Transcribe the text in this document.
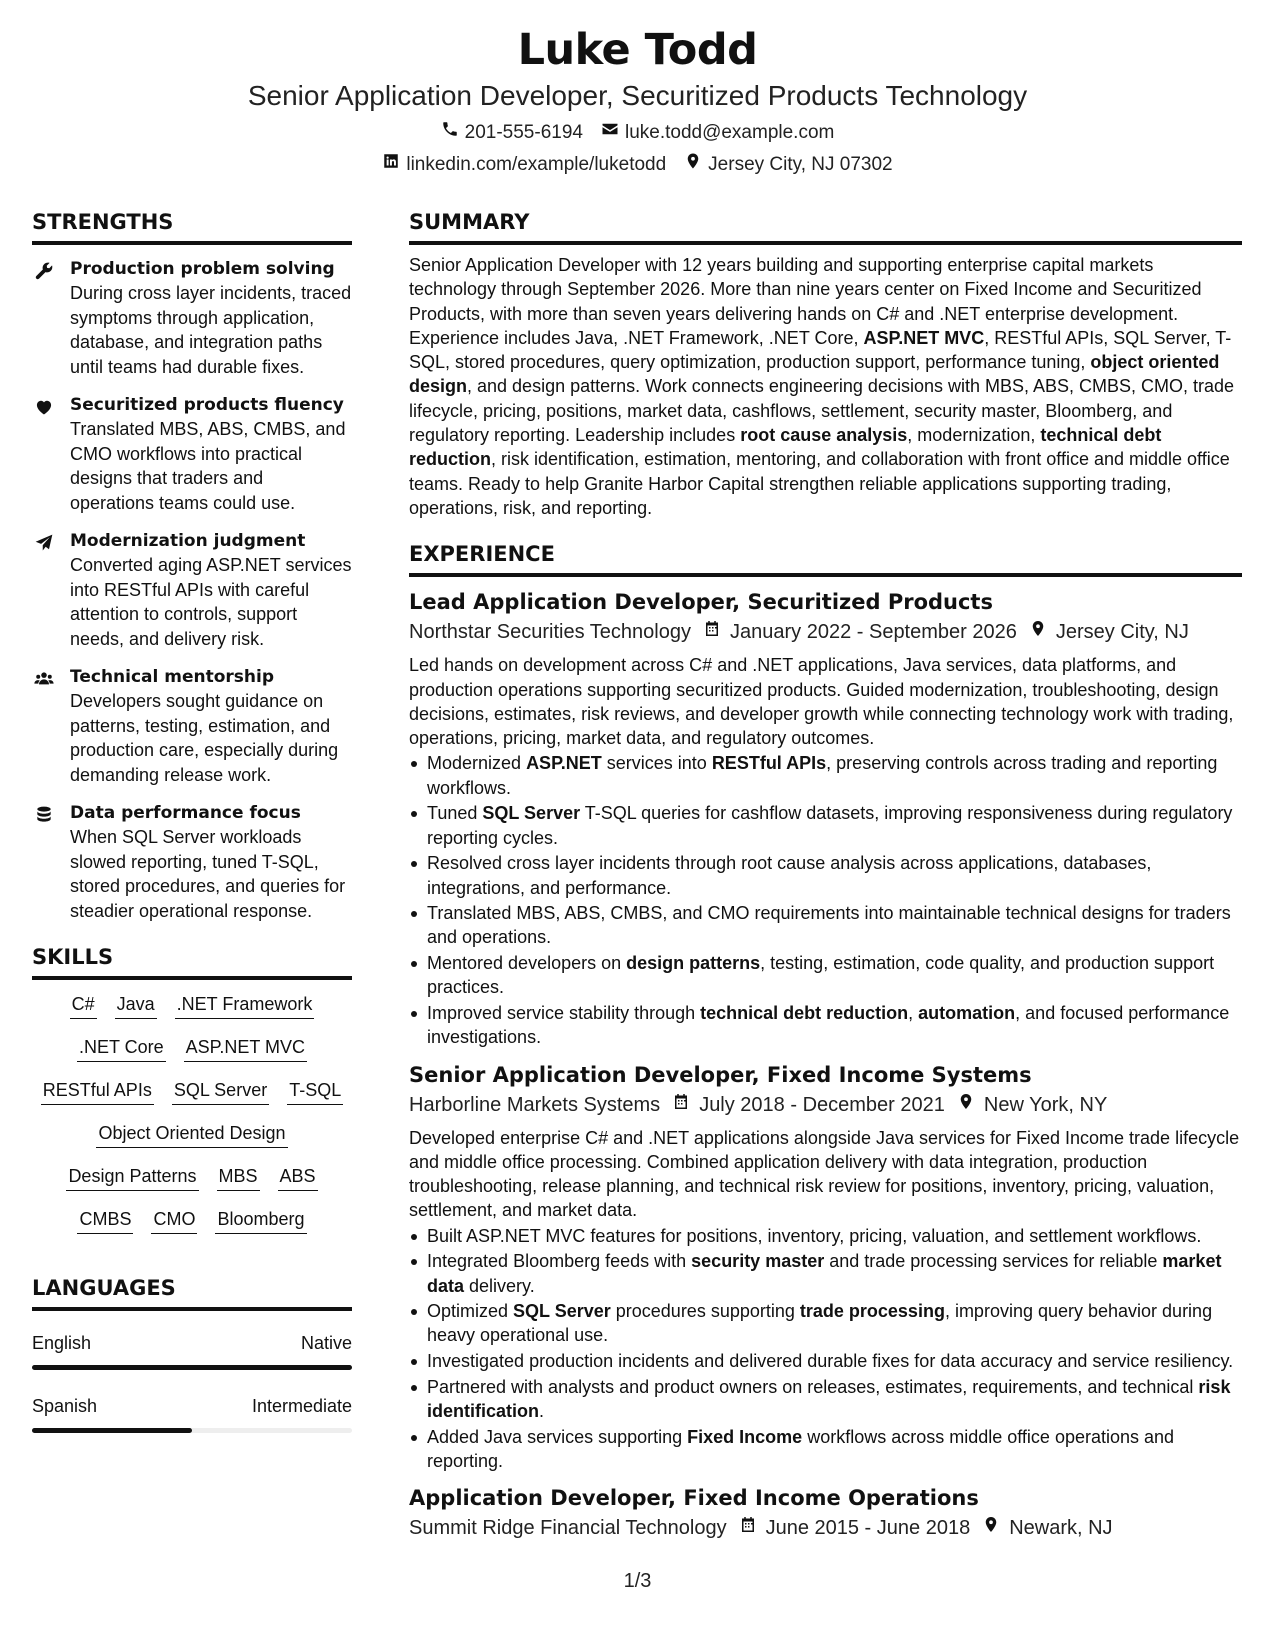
Luke Todd
Senior Application Developer, Securitized Products Technology
201-555-6194 luke.todd@example.com
linkedin.com/example/luketodd Jersey City, NJ 07302
STRENGTHS
Production problem solving
During cross layer incidents, traced symptoms through application, database, and integration paths until teams had durable fixes.
Securitized products fluency
Translated MBS, ABS, CMBS, and CMO workflows into practical designs that traders and operations teams could use.
Modernization judgment
Converted aging ASP.NET services into RESTful APIs with careful attention to controls, support needs, and delivery risk.
Technical mentorship
Developers sought guidance on patterns, testing, estimation, and production care, especially during demanding release work.
Data performance focus
When SQL Server workloads slowed reporting, tuned T-SQL, stored procedures, and queries for steadier operational response.
SKILLS
C# Java .NET Framework
.NET Core ASP.NET MVC
RESTful APIs SQL Server T-SQL
Object Oriented Design
Design Patterns MBS ABS
CMBS CMO Bloomberg
LANGUAGES
English	Native
Spanish	Intermediate
SUMMARY
Senior Application Developer with 12 years building and supporting enterprise capital markets technology through September 2026. More than nine years center on Fixed Income and Securitized Products, with more than seven years delivering hands on C# and .NET enterprise development. Experience includes Java, .NET Framework, .NET Core, ASP.NET MVC, RESTful APIs, SQL Server, T-SQL, stored procedures, query optimization, production support, performance tuning, object oriented design, and design patterns. Work connects engineering decisions with MBS, ABS, CMBS, CMO, trade lifecycle, pricing, positions, market data, cashflows, settlement, security master, Bloomberg, and regulatory reporting. Leadership includes root cause analysis, modernization, technical debt reduction, risk identification, estimation, mentoring, and collaboration with front office and middle office teams. Ready to help Granite Harbor Capital strengthen reliable applications supporting trading, operations, risk, and reporting.
EXPERIENCE
Lead Application Developer, Securitized Products
Northstar Securities Technology January 2022 - September 2026 Jersey City, NJ
Led hands on development across C# and .NET applications, Java services, data platforms, and production operations supporting securitized products. Guided modernization, troubleshooting, design decisions, estimates, risk reviews, and developer growth while connecting technology work with trading, operations, pricing, market data, and regulatory outcomes.
Modernized ASP.NET services into RESTful APIs, preserving controls across trading and reporting workflows.
Tuned SQL Server T-SQL queries for cashflow datasets, improving responsiveness during regulatory reporting cycles.
Resolved cross layer incidents through root cause analysis across applications, databases, integrations, and performance.
Translated MBS, ABS, CMBS, and CMO requirements into maintainable technical designs for traders and operations.
Mentored developers on design patterns, testing, estimation, code quality, and production support practices.
Improved service stability through technical debt reduction, automation, and focused performance investigations.
Senior Application Developer, Fixed Income Systems
Harborline Markets Systems July 2018 - December 2021 New York, NY
Developed enterprise C# and .NET applications alongside Java services for Fixed Income trade lifecycle and middle office processing. Combined application delivery with data integration, production troubleshooting, release planning, and technical risk review for positions, inventory, pricing, valuation, settlement, and market data.
Built ASP.NET MVC features for positions, inventory, pricing, valuation, and settlement workflows.
Integrated Bloomberg feeds with security master and trade processing services for reliable market data delivery.
Optimized SQL Server procedures supporting trade processing, improving query behavior during heavy operational use.
Investigated production incidents and delivered durable fixes for data accuracy and service resiliency.
Partnered with analysts and product owners on releases, estimates, requirements, and technical risk identification.
Added Java services supporting Fixed Income workflows across middle office operations and reporting.
Application Developer, Fixed Income Operations
Summit Ridge Financial Technology June 2015 - June 2018 Newark, NJ
1/3
